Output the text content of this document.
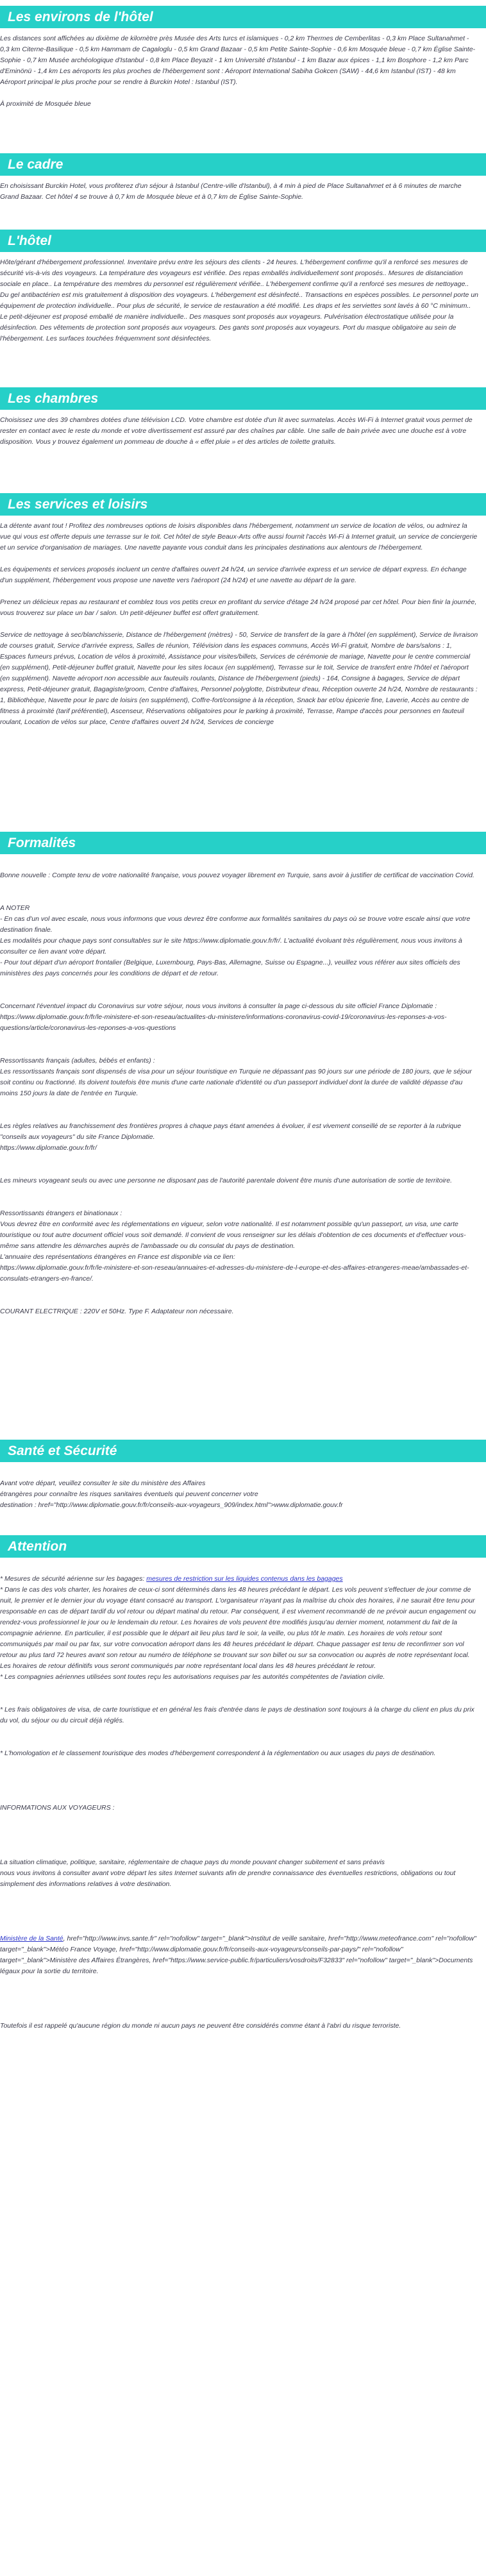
Les environs de l'hôtel

Les distances sont affichées au dixième de kilomètre près Musée des Arts turcs et islamiques - 0,2 km Thermes de Cemberlitas - 0,3 km Place Sultanahmet - 0,3 km Citerne-Basilique - 0,5 km Hammam de Cagaloglu - 0,5 km Grand Bazaar - 0,5 km Petite Sainte-Sophie - 0,6 km Mosquée bleue - 0,7 km Église Sainte-Sophie - 0,7 km Musée archéologique d'Istanbul - 0,8 km Place Beyazit - 1 km Université d'Istanbul - 1 km Bazar aux épices - 1,1 km Bosphore - 1,2 km Parc d'Eminönü - 1,4 km Les aéroports les plus proches de l'hébergement sont : Aéroport International Sabiha Gokcen (SAW) - 44,6 km Istanbul (IST) - 48 km Aéroport principal le plus proche pour se rendre à Burckin Hotel : Istanbul (IST).

À proximité de Mosquée bleue

Le cadre

En choisissant Burckin Hotel, vous profiterez d'un séjour à Istanbul (Centre-ville d'Istanbul), à 4 min à pied de Place Sultanahmet et à 6 minutes de marche Grand Bazaar. Cet hôtel 4 se trouve à 0,7 km de Mosquée bleue et à 0,7 km de Église Sainte-Sophie.

L'hôtel

Hôte/gérant d'hébergement professionnel. Inventaire prévu entre les séjours des clients - 24 heures. L'hébergement confirme qu'il a renforcé ses mesures de sécurité vis-à-vis des voyageurs. La température des voyageurs est vérifiée. Des repas emballés individuellement sont proposés.. Mesures de distanciation sociale en place.. La température des membres du personnel est régulièrement vérifiée.. L'hébergement confirme qu'il a renforcé ses mesures de nettoyage.. Du gel antibactérien est mis gratuitement à disposition des voyageurs. L'hébergement est désinfecté.. Transactions en espèces possibles. Le personnel porte un équipement de protection individuelle.. Pour plus de sécurité, le service de restauration a été modifié. Les draps et les serviettes sont lavés à 60 °C minimum.. Le petit-déjeuner est proposé emballé de manière individuelle.. Des masques sont proposés aux voyageurs. Pulvérisation électrostatique utilisée pour la désinfection. Des vêtements de protection sont proposés aux voyageurs. Des gants sont proposés aux voyageurs. Port du masque obligatoire au sein de l'hébergement. Les surfaces touchées fréquemment sont désinfectées.

Les chambres

Choisissez une des 39 chambres dotées d'une télévision LCD. Votre chambre est dotée d'un lit avec surmatelas. Accès Wi-Fi à Internet gratuit vous permet de rester en contact avec le reste du monde et votre divertissement est assuré par des chaînes par câble. Une salle de bain privée avec une douche est à votre disposition. Vous y trouvez également un pommeau de douche à « effet pluie » et des articles de toilette gratuits.

Les services et loisirs

La détente avant tout ! Profitez des nombreuses options de loisirs disponibles dans l'hébergement, notamment un service de location de vélos, ou admirez la vue qui vous est offerte depuis une terrasse sur le toit. Cet hôtel de style Beaux-Arts offre aussi fournit l'accès Wi-Fi à Internet gratuit, un service de conciergerie et un service d'organisation de mariages. Une navette payante vous conduit dans les principales destinations aux alentours de l'hébergement.

Les équipements et services proposés incluent un centre d'affaires ouvert 24 h/24, un service d'arrivée express et un service de départ express. En échange d'un supplément, l'hébergement vous propose une navette vers l'aéroport (24 h/24) et une navette au départ de la gare.

Prenez un délicieux repas au restaurant et comblez tous vos petits creux en profitant du service d'étage 24 h/24 proposé par cet hôtel. Pour bien finir la journée, vous trouverez sur place un bar / salon. Un petit-déjeuner buffet est offert gratuitement.

Service de nettoyage à sec/blanchisserie, Distance de l'hébergement (mètres) - 50, Service de transfert de la gare à l'hôtel (en supplément), Service de livraison de courses gratuit, Service d'arrivée express, Salles de réunion, Télévision dans les espaces communs, Accès Wi-Fi gratuit, Nombre de bars/salons : 1, Espaces fumeurs prévus, Location de vélos à proximité, Assistance pour visites/billets, Services de cérémonie de mariage, Navette pour le centre commercial (en supplément), Petit-déjeuner buffet gratuit, Navette pour les sites locaux (en supplément), Terrasse sur le toit, Service de transfert entre l'hôtel et l'aéroport (en supplément). Navette aéroport non accessible aux fauteuils roulants, Distance de l'hébergement (pieds) - 164, Consigne à bagages, Service de départ express, Petit-déjeuner gratuit, Bagagiste/groom, Centre d'affaires, Personnel polyglotte, Distributeur d'eau, Réception ouverte 24 h/24, Nombre de restaurants : 1, Bibliothèque, Navette pour le parc de loisirs (en supplément), Coffre-fort/consigne à la réception, Snack bar et/ou épicerie fine, Laverie, Accès au centre de fitness à proximité (tarif préférentiel), Ascenseur, Réservations obligatoires pour le parking à proximité, Terrasse, Rampe d'accès pour personnes en fauteuil roulant, Location de vélos sur place, Centre d'affaires ouvert 24 h/24, Services de concierge

Formalités

Bonne nouvelle : Compte tenu de votre nationalité française, vous pouvez voyager librement en Turquie, sans avoir à justifier de certificat de vaccination Covid.

A NOTER
- En cas d'un vol avec escale, nous vous informons que vous devrez être conforme aux formalités sanitaires du pays où se trouve votre escale ainsi que votre destination finale.
Les modalités pour chaque pays sont consultables sur le site https://www.diplomatie.gouv.fr/fr/. L'actualité évoluant très régulièrement, nous vous invitons à consulter ce lien avant votre départ.
- Pour tout départ d'un aéroport frontalier (Belgique, Luxembourg, Pays-Bas, Allemagne, Suisse ou Espagne...), veuillez vous référer aux sites officiels des ministères des pays concernés pour les conditions de départ et de retour.

Concernant l'éventuel impact du Coronavirus sur votre séjour, nous vous invitons à consulter la page ci-dessous du site officiel France Diplomatie :
https://www.diplomatie.gouv.fr/fr/le-ministere-et-son-reseau/actualites-du-ministere/informations-coronavirus-covid-19/coronavirus-les-reponses-a-vos-questions/article/coronavirus-les-reponses-a-vos-questions

Ressortissants français (adultes, bébés et enfants) :
Les ressortissants français sont dispensés de visa pour un séjour touristique en Turquie ne dépassant pas 90 jours sur une période de 180 jours, que le séjour soit continu ou fractionné. Ils doivent toutefois être munis d'une carte nationale d'identité ou d'un passeport individuel dont la durée de validité dépasse d'au moins 150 jours la date de l'entrée en Turquie.

Les règles relatives au franchissement des frontières propres à chaque pays étant amenées à évoluer, il est vivement conseillé de se reporter à la rubrique "conseils aux voyageurs" du site France Diplomatie.
https://www.diplomatie.gouv.fr/fr/

Les mineurs voyageant seuls ou avec une personne ne disposant pas de l'autorité parentale doivent être munis d'une autorisation de sortie de territoire.

Ressortissants étrangers et binationaux :
Vous devrez être en conformité avec les réglementations en vigueur, selon votre nationalité. Il est notamment possible qu'un passeport, un visa, une carte touristique ou tout autre document officiel vous soit demandé. Il convient de vous renseigner sur les délais d'obtention de ces documents et d'effectuer vous-même sans attendre les démarches auprès de l'ambassade ou du consulat du pays de destination.
L'annuaire des représentations étrangères en France est disponible via ce lien:
https://www.diplomatie.gouv.fr/fr/le-ministere-et-son-reseau/annuaires-et-adresses-du-ministere-de-l-europe-et-des-affaires-etrangeres-meae/ambassades-et-consulats-etrangers-en-france/.

COURANT ELECTRIQUE : 220V et 50Hz. Type F. Adaptateur non nécessaire.

Santé et Sécurité

Avant votre départ, veuillez consulter le site du ministère des Affaires
étrangères pour connaître les risques sanitaires éventuels qui peuvent concerner votre
destination : href="http://www.diplomatie.gouv.fr/fr/conseils-aux-voyageurs_909/index.html">www.diplomatie.gouv.fr

Attention

* Mesures de sécurité aérienne sur les bagages: mesures de restriction sur les liquides contenus dans les bagages
* Dans le cas des vols charter, les horaires de ceux-ci sont déterminés dans les 48 heures précédant le départ. Les vols peuvent s'effectuer de jour comme de nuit, le premier et le dernier jour du voyage étant consacré au transport. L'organisateur n'ayant pas la maîtrise du choix des horaires, il ne saurait être tenu pour responsable en cas de départ tardif du vol retour ou départ matinal du retour. Par conséquent, il est vivement recommandé de ne prévoir aucun engagement ou rendez-vous professionnel le jour ou le lendemain du retour. Les horaires de vols peuvent être modifiés jusqu'au dernier moment, notamment du fait de la compagnie aérienne. En particulier, il est possible que le départ ait lieu plus tard le soir, la veille, ou plus tôt le matin. Les horaires de vols retour sont communiqués par mail ou par fax, sur votre convocation aéroport dans les 48 heures précédant le départ. Chaque passager est tenu de reconfirmer son vol retour au plus tard 72 heures avant son retour au numéro de téléphone se trouvant sur son billet ou sur sa convocation ou auprès de notre représentant local. Les horaires de retour définitifs vous seront communiqués par notre représentant local dans les 48 heures précédant le retour.
* Les compagnies aériennes utilisées sont toutes reçu les autorisations requises par les autorités compétentes de l'aviation civile.

* Les frais obligatoires de visa, de carte touristique et en général les frais d'entrée dans le pays de destination sont toujours à la charge du client en plus du prix du vol, du séjour ou du circuit déjà réglés.

* L'homologation et le classement touristique des modes d'hébergement correspondent à la réglementation ou aux usages du pays de destination.

INFORMATIONS AUX VOYAGEURS :

La situation climatique, politique, sanitaire, réglementaire de chaque pays du monde pouvant changer subitement et sans préavis
nous vous invitons à consulter avant votre départ les sites Internet suivants afin de prendre connaissance des éventuelles restrictions, obligations ou tout simplement des informations relatives à votre destination.

Ministère de la Santé, href="http://www.invs.sante.fr" rel="nofollow" target="_blank">Institut de veille sanitaire, href="http://www.meteofrance.com" rel="nofollow" target="_blank">Météo France Voyage, href="http://www.diplomatie.gouv.fr/fr/conseils-aux-voyageurs/conseils-par-pays/" rel="nofollow" target="_blank">Ministère des Affaires Étrangères, href="https://www.service-public.fr/particuliers/vosdroits/F32833" rel="nofollow" target="_blank">Documents légaux pour la sortie du territoire.

Toutefois il est rappelé qu'aucune région du monde ni aucun pays ne peuvent être considérés comme étant à l'abri du risque terroriste.
